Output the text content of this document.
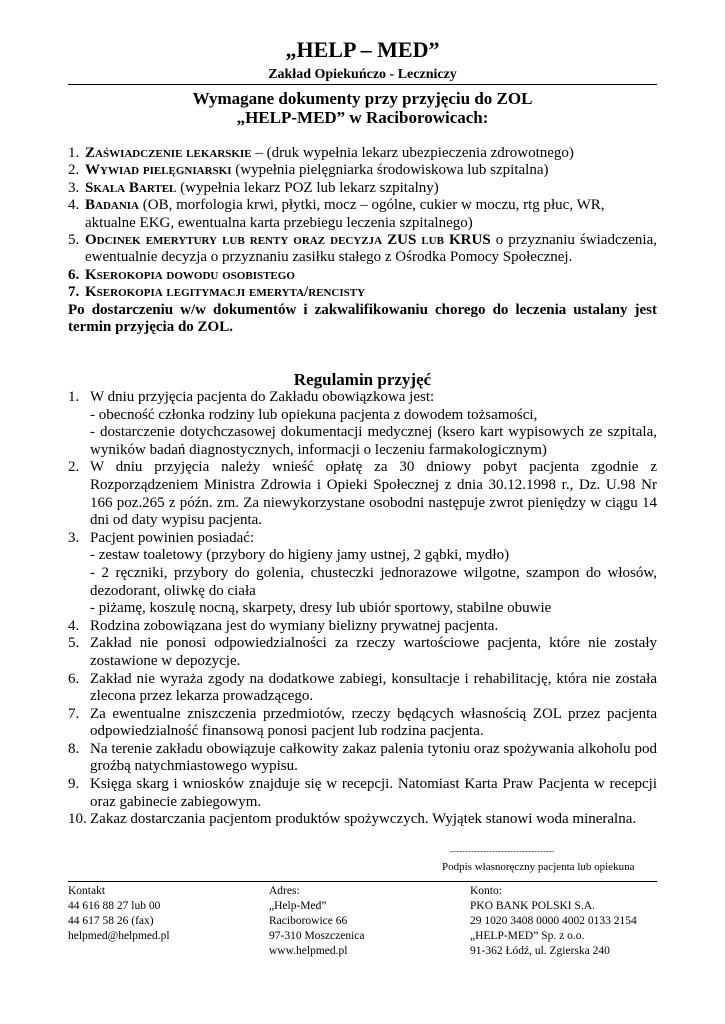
„HELP – MED”
Zakład Opiekuńczo - Leczniczy
Wymagane dokumenty przy przyjęciu do ZOL
„HELP-MED” w Raciborowicach:
1. Zaświadczenie lekarskie – (druk wypełnia lekarz ubezpieczenia zdrowotnego)
2. Wywiad pielęgniarski (wypełnia pielęgniarka środowiskowa lub szpitalna)
3. Skala Bartel (wypełnia lekarz POZ lub lekarz szpitalny)
4. Badania (OB, morfologia krwi, płytki, mocz – ogólne, cukier w moczu, rtg płuc, WR, aktualne EKG, ewentualna karta przebiegu leczenia szpitalnego)
5. Odcinek emerytury lub renty oraz decyzja ZUS lub KRUS o przyznaniu świadczenia, ewentualnie decyzja o przyznaniu zasiłku stałego z Ośrodka Pomocy Społecznej.
6. Kserokopia dowodu osobistego
7. Kserokopia legitymacji emeryta/rencisty
Po dostarczeniu w/w dokumentów i zakwalifikowaniu chorego do leczenia ustalany jest termin przyjęcia do ZOL.
Regulamin przyjęć
1. W dniu przyjęcia pacjenta do Zakładu obowiązkowa jest:
- obecność członka rodziny lub opiekuna pacjenta z dowodem tożsamości,
- dostarczenie dotychczasowej dokumentacji medycznej (ksero kart wypisowych ze szpitala, wyników badań diagnostycznych, informacji o leczeniu farmakologicznym)
2. W dniu przyjęcia należy wnieść opłatę za 30 dniowy pobyt pacjenta zgodnie z Rozporządzeniem Ministra Zdrowia i Opieki Społecznej z dnia 30.12.1998 r., Dz. U.98 Nr 166 poz.265 z późn. zm. Za niewykorzystane osobodni następuje zwrot pieniędzy w ciągu 14 dni od daty wypisu pacjenta.
3. Pacjent powinien posiadać:
- zestaw toaletowy (przybory do higieny jamy ustnej, 2 gąbki, mydło)
- 2 ręczniki, przybory do golenia, chusteczki jednorazowe wilgotne, szampon do włosów, dezodorant, oliwkę do ciała
- piżamę, koszulę nocną, skarpety, dresy lub ubiór sportowy, stabilne obuwie
4. Rodzina zobowiązana jest do wymiany bielizny prywatnej pacjenta.
5. Zakład nie ponosi odpowiedzialności za rzeczy wartościowe pacjenta, które nie zostały zostawione w depozycje.
6. Zakład nie wyraża zgody na dodatkowe zabiegi, konsultacje i rehabilitację, która nie została zlecona przez lekarza prowadzącego.
7. Za ewentualne zniszczenia przedmiotów, rzeczy będących własnością ZOL przez pacjenta odpowiedzialność finansową ponosi pacjent lub rodzina pacjenta.
8. Na terenie zakładu obowiązuje całkowity zakaz palenia tytoniu oraz spożywania alkoholu pod groźbą natychmiastowego wypisu.
9. Księga skarg i wniosków znajduje się w recepcji. Natomiast Karta Praw Pacjenta w recepcji oraz gabinecie zabiegowym.
10. Zakaz dostarczania pacjentom produktów spożywczych. Wyjątek stanowi woda mineralna.
......................................................................
Podpis własnoręczny pacjenta lub opiekuna
Kontakt
44 616 88 27 lub 00
44 617 58 26 (fax)
helpmed@helpmed.pl
Adres:
„Help-Med”
Raciborowice 66
97-310 Moszczenica
www.helpmed.pl
Konto:
PKO BANK POLSKI S.A.
29 1020 3408 0000 4002 0133 2154
„HELP-MED” Sp. z o.o.
91-362 Łódź, ul. Zgierska 240
